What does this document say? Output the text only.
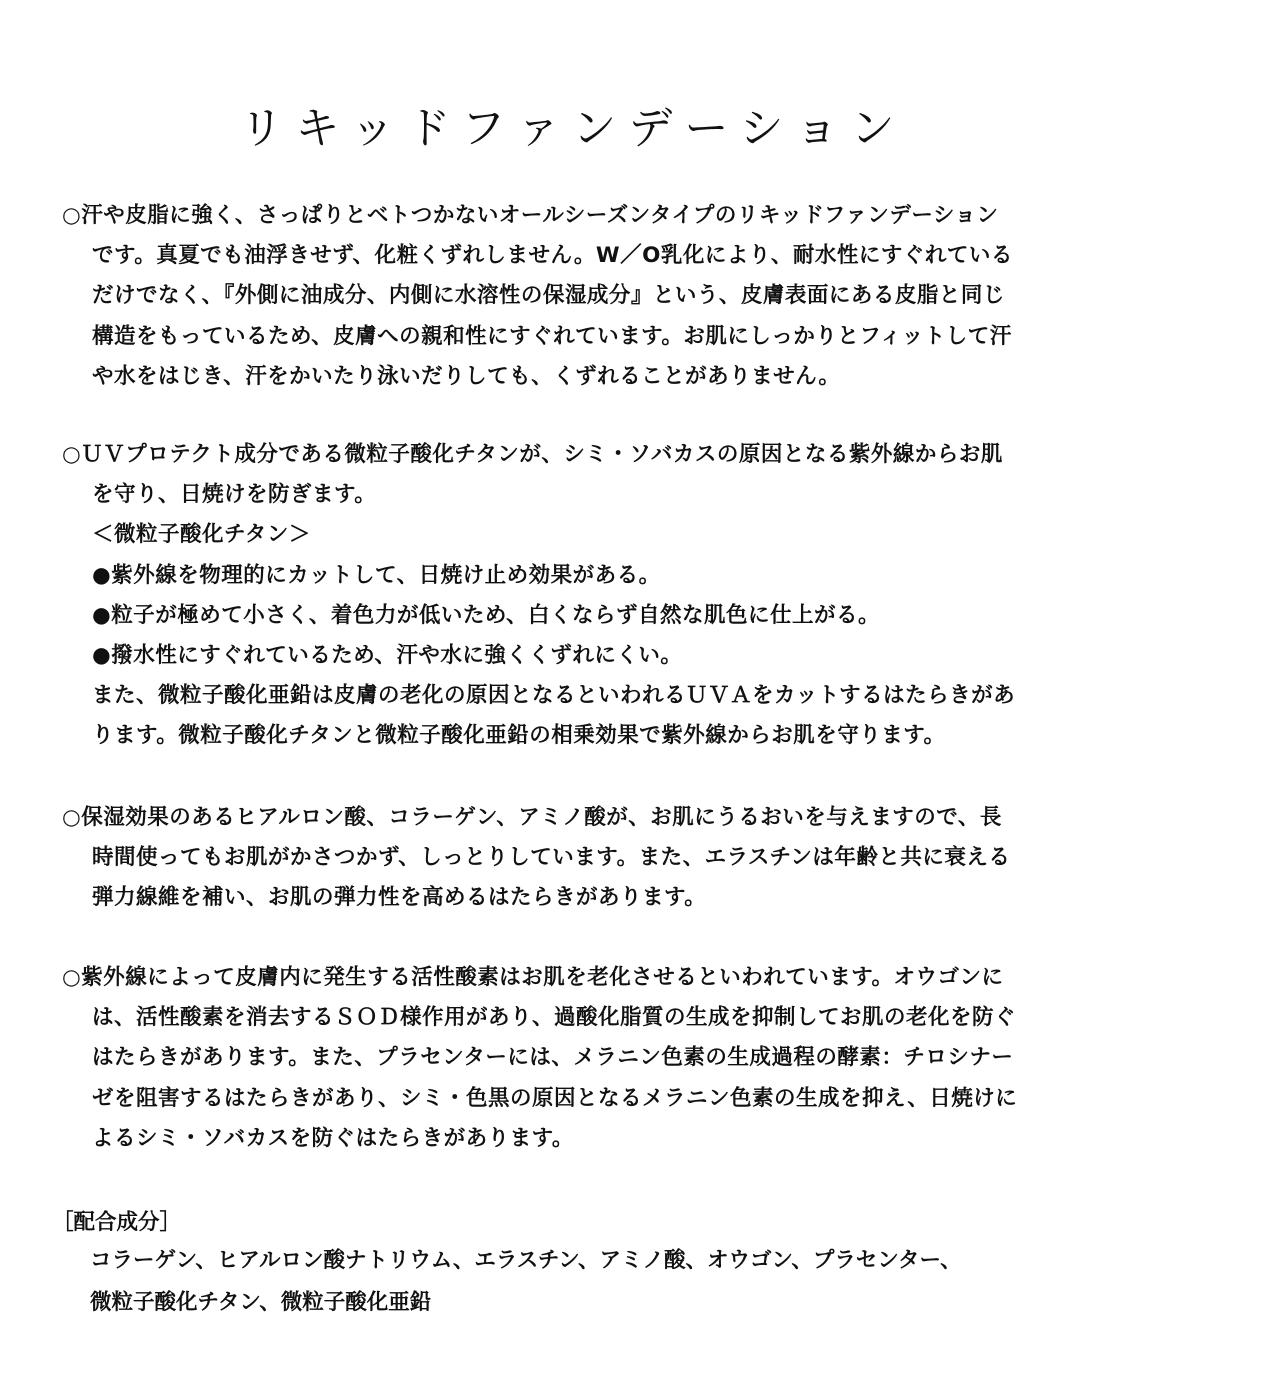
リキッドファンデーション
○汗や皮脂に強く、さっぱりとベトつかないオールシーズンタイプのリキッドファンデーション
です。真夏でも油浮きせず、化粧くずれしません。W／O乳化により、耐水性にすぐれている
だけでなく、『外側に油成分、内側に水溶性の保湿成分』という、皮膚表面にある皮脂と同じ
構造をもっているため、皮膚への親和性にすぐれています。お肌にしっかりとフィットして汗
や水をはじき、汗をかいたり泳いだりしても、くずれることがありません。
○ＵＶプロテクト成分である微粒子酸化チタンが、シミ・ソバカスの原因となる紫外線からお肌
を守り、日焼けを防ぎます。
＜微粒子酸化チタン＞
●紫外線を物理的にカットして、日焼け止め効果がある。
●粒子が極めて小さく、着色力が低いため、白くならず自然な肌色に仕上がる。
●撥水性にすぐれているため、汗や水に強くくずれにくい。
また、微粒子酸化亜鉛は皮膚の老化の原因となるといわれるＵＶＡをカットするはたらきがあ
ります。微粒子酸化チタンと微粒子酸化亜鉛の相乗効果で紫外線からお肌を守ります。
○保湿効果のあるヒアルロン酸、コラーゲン、アミノ酸が、お肌にうるおいを与えますので、長
時間使ってもお肌がかさつかず、しっとりしています。また、エラスチンは年齢と共に衰える
弾力線維を補い、お肌の弾力性を高めるはたらきがあります。
○紫外線によって皮膚内に発生する活性酸素はお肌を老化させるといわれています。オウゴンに
は、活性酸素を消去するＳＯＤ様作用があり、過酸化脂質の生成を抑制してお肌の老化を防ぐ
はたらきがあります。また、プラセンターには、メラニン色素の生成過程の酵素：チロシナー
ゼを阻害するはたらきがあり、シミ・色黒の原因となるメラニン色素の生成を抑え、日焼けに
よるシミ・ソバカスを防ぐはたらきがあります。
［配合成分］
コラーゲン、ヒアルロン酸ナトリウム、エラスチン、アミノ酸、オウゴン、プラセンター、
微粒子酸化チタン、微粒子酸化亜鉛
